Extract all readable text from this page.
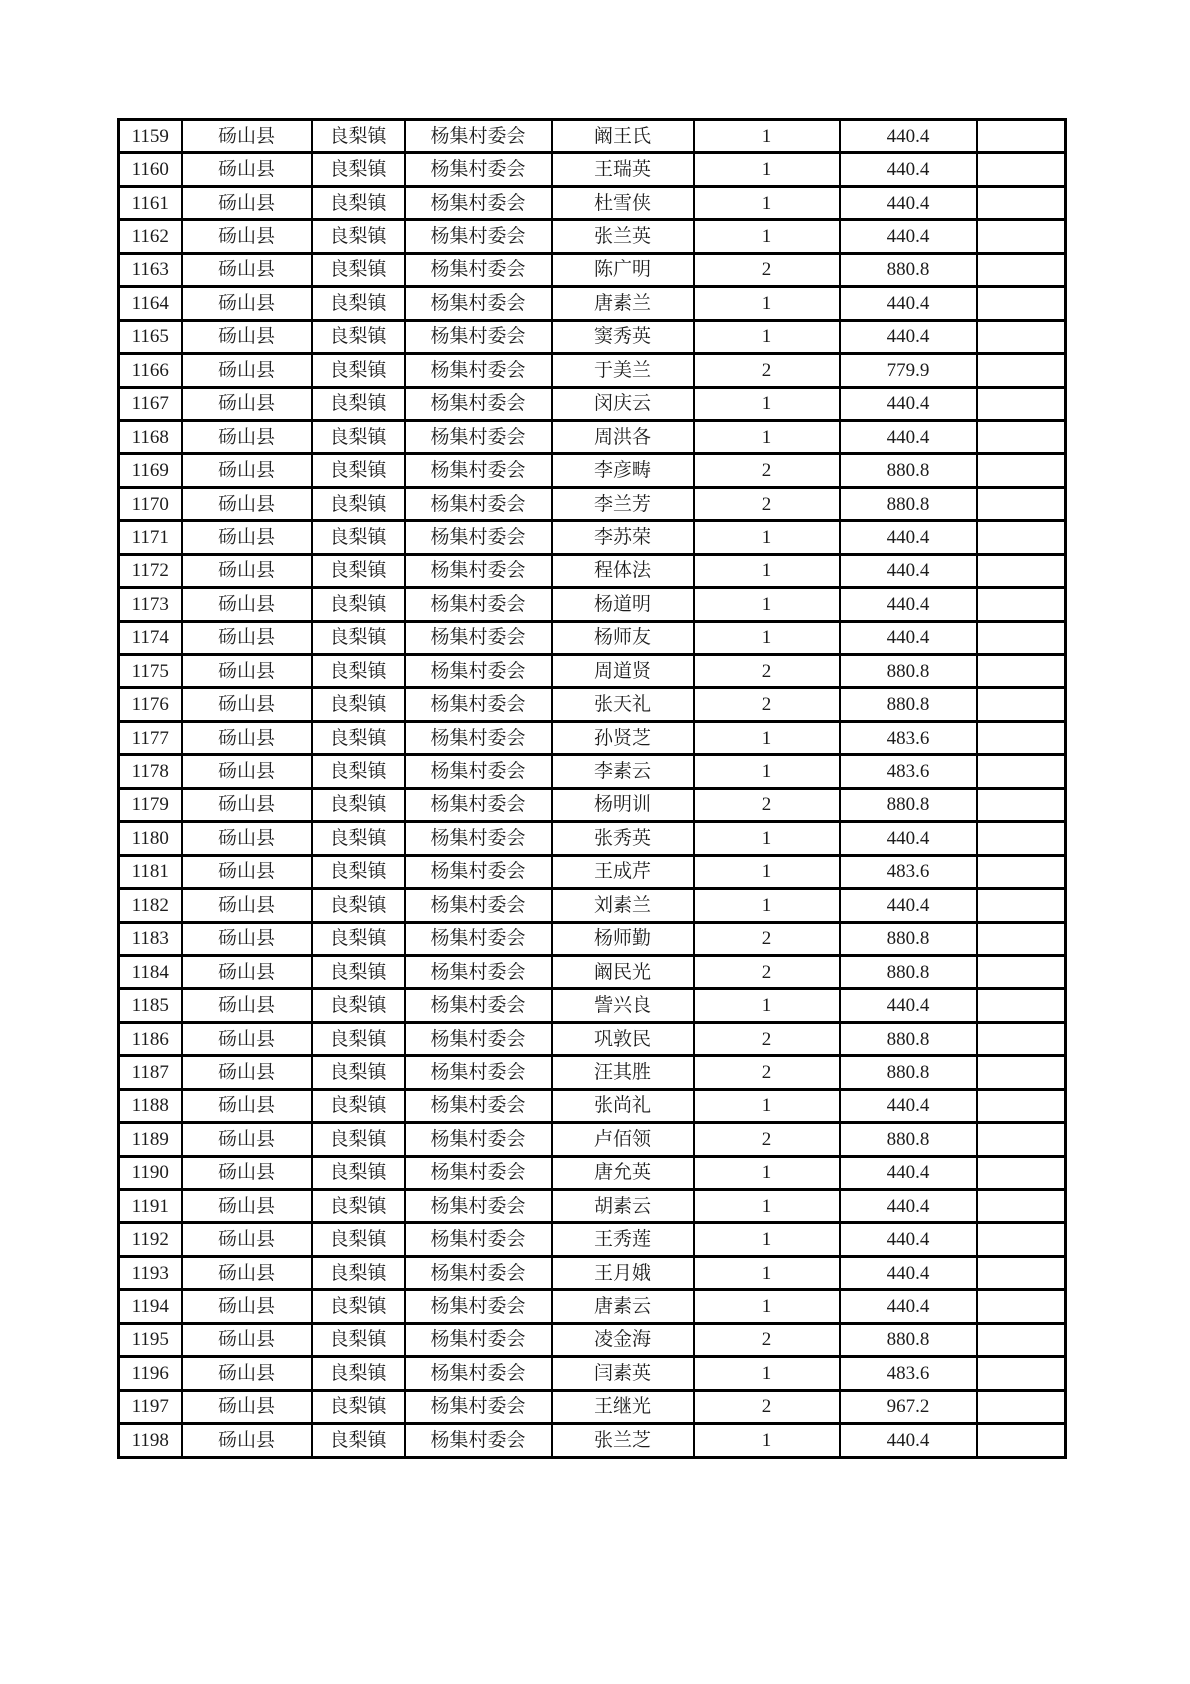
1159	砀山县	良梨镇	杨集村委会	阚王氏	1	440.4	
1160	砀山县	良梨镇	杨集村委会	王瑞英	1	440.4	
1161	砀山县	良梨镇	杨集村委会	杜雪侠	1	440.4	
1162	砀山县	良梨镇	杨集村委会	张兰英	1	440.4	
1163	砀山县	良梨镇	杨集村委会	陈广明	2	880.8	
1164	砀山县	良梨镇	杨集村委会	唐素兰	1	440.4	
1165	砀山县	良梨镇	杨集村委会	窦秀英	1	440.4	
1166	砀山县	良梨镇	杨集村委会	于美兰	2	779.9	
1167	砀山县	良梨镇	杨集村委会	闵庆云	1	440.4	
1168	砀山县	良梨镇	杨集村委会	周洪各	1	440.4	
1169	砀山县	良梨镇	杨集村委会	李彦畴	2	880.8	
1170	砀山县	良梨镇	杨集村委会	李兰芳	2	880.8	
1171	砀山县	良梨镇	杨集村委会	李苏荣	1	440.4	
1172	砀山县	良梨镇	杨集村委会	程体法	1	440.4	
1173	砀山县	良梨镇	杨集村委会	杨道明	1	440.4	
1174	砀山县	良梨镇	杨集村委会	杨师友	1	440.4	
1175	砀山县	良梨镇	杨集村委会	周道贤	2	880.8	
1176	砀山县	良梨镇	杨集村委会	张天礼	2	880.8	
1177	砀山县	良梨镇	杨集村委会	孙贤芝	1	483.6	
1178	砀山县	良梨镇	杨集村委会	李素云	1	483.6	
1179	砀山县	良梨镇	杨集村委会	杨明训	2	880.8	
1180	砀山县	良梨镇	杨集村委会	张秀英	1	440.4	
1181	砀山县	良梨镇	杨集村委会	王成芹	1	483.6	
1182	砀山县	良梨镇	杨集村委会	刘素兰	1	440.4	
1183	砀山县	良梨镇	杨集村委会	杨师勤	2	880.8	
1184	砀山县	良梨镇	杨集村委会	阚民光	2	880.8	
1185	砀山县	良梨镇	杨集村委会	訾兴良	1	440.4	
1186	砀山县	良梨镇	杨集村委会	巩敦民	2	880.8	
1187	砀山县	良梨镇	杨集村委会	汪其胜	2	880.8	
1188	砀山县	良梨镇	杨集村委会	张尚礼	1	440.4	
1189	砀山县	良梨镇	杨集村委会	卢佰领	2	880.8	
1190	砀山县	良梨镇	杨集村委会	唐允英	1	440.4	
1191	砀山县	良梨镇	杨集村委会	胡素云	1	440.4	
1192	砀山县	良梨镇	杨集村委会	王秀莲	1	440.4	
1193	砀山县	良梨镇	杨集村委会	王月娥	1	440.4	
1194	砀山县	良梨镇	杨集村委会	唐素云	1	440.4	
1195	砀山县	良梨镇	杨集村委会	凌金海	2	880.8	
1196	砀山县	良梨镇	杨集村委会	闫素英	1	483.6	
1197	砀山县	良梨镇	杨集村委会	王继光	2	967.2	
1198	砀山县	良梨镇	杨集村委会	张兰芝	1	440.4	
